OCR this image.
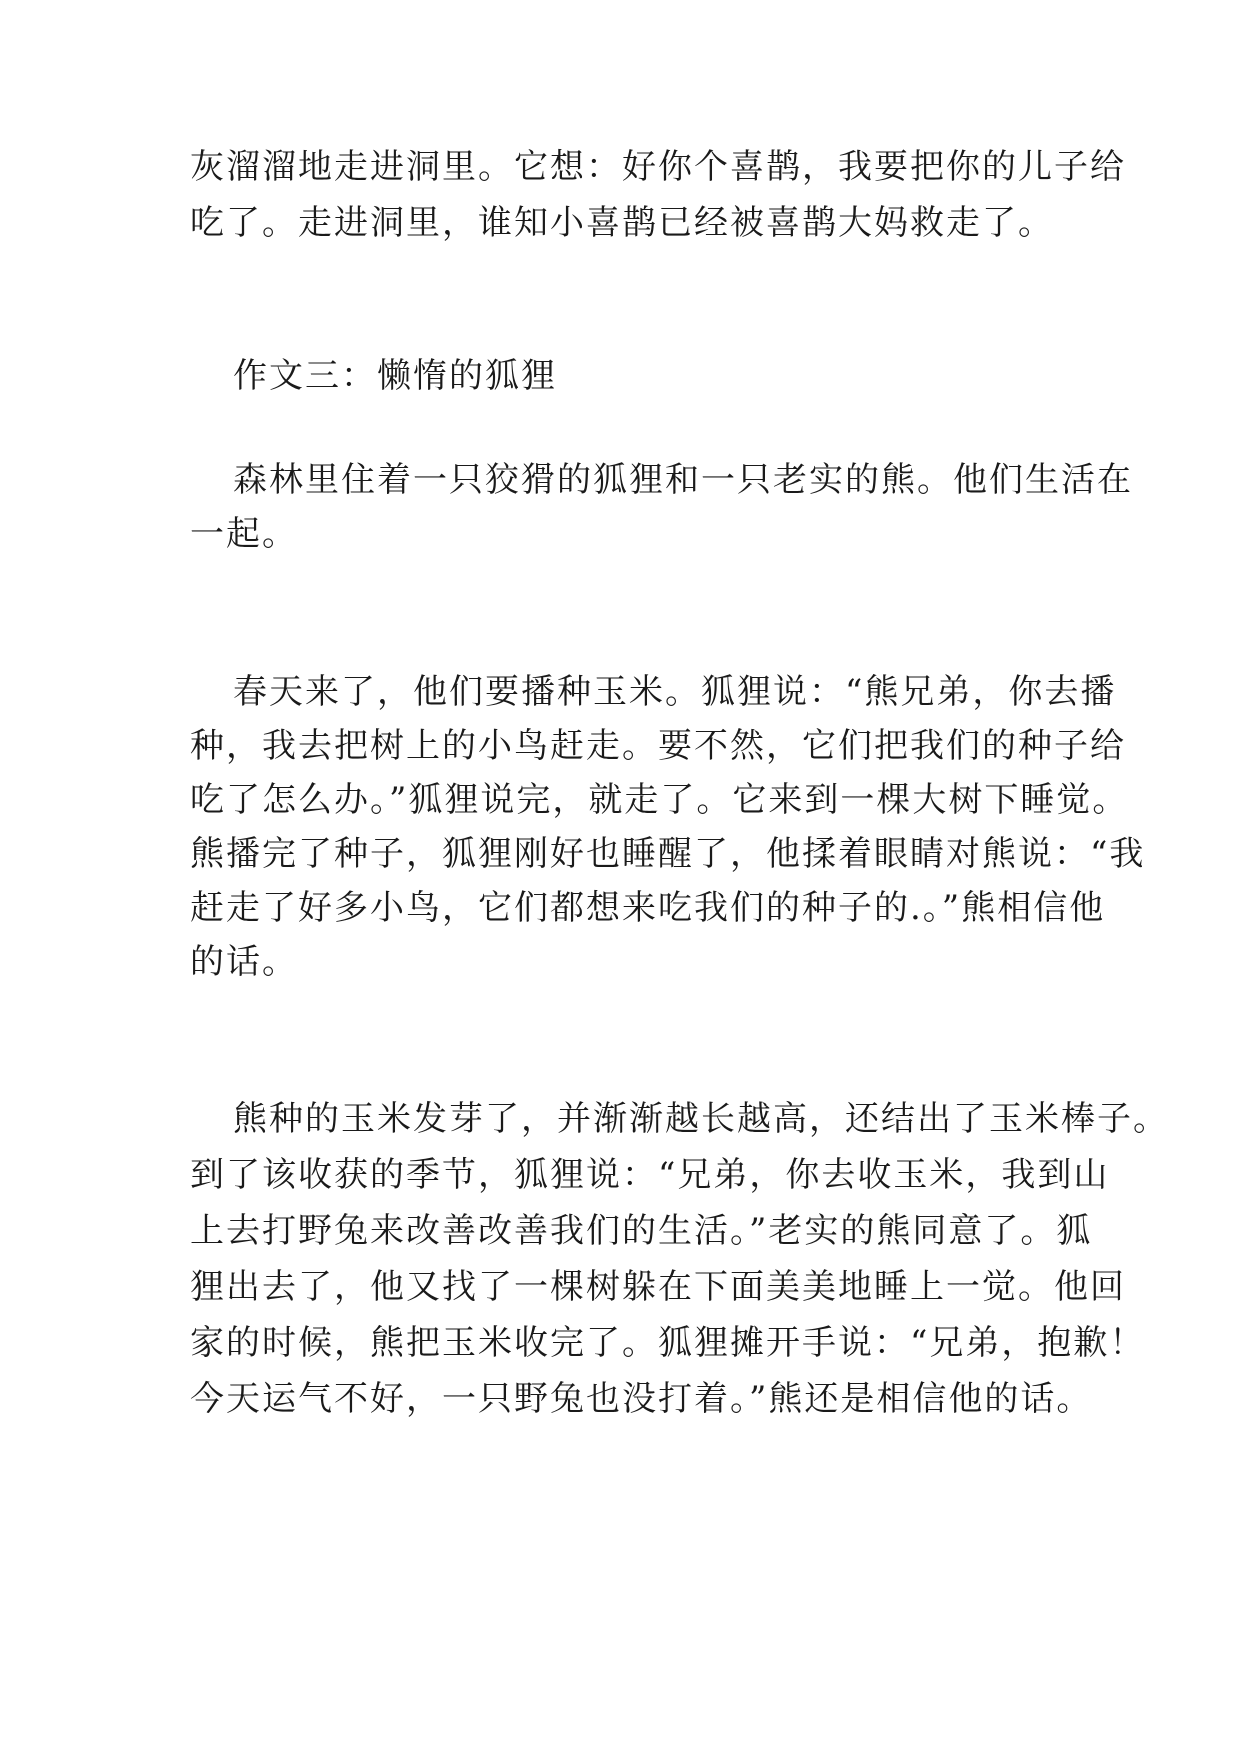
灰溜溜地走进洞里。它想：好你个喜鹊，我要把你的儿子给
吃了。走进洞里，谁知小喜鹊已经被喜鹊大妈救走了。
作文三：懒惰的狐狸
森林里住着一只狡猾的狐狸和一只老实的熊。他们生活在
一起。
春天来了，他们要播种玉米。狐狸说：“熊兄弟，你去播
种，我去把树上的小鸟赶走。要不然，它们把我们的种子给
吃了怎么办。”狐狸说完，就走了。它来到一棵大树下睡觉。
熊播完了种子，狐狸刚好也睡醒了，他揉着眼睛对熊说：“我
赶走了好多小鸟，它们都想来吃我们的种子的.。”熊相信他
的话。
熊种的玉米发芽了，并渐渐越长越高，还结出了玉米棒子。
到了该收获的季节，狐狸说：“兄弟，你去收玉米，我到山
上去打野兔来改善改善我们的生活。”老实的熊同意了。狐
狸出去了，他又找了一棵树躲在下面美美地睡上一觉。他回
家的时候，熊把玉米收完了。狐狸摊开手说：“兄弟，抱歉！
今天运气不好，一只野兔也没打着。”熊还是相信他的话。
